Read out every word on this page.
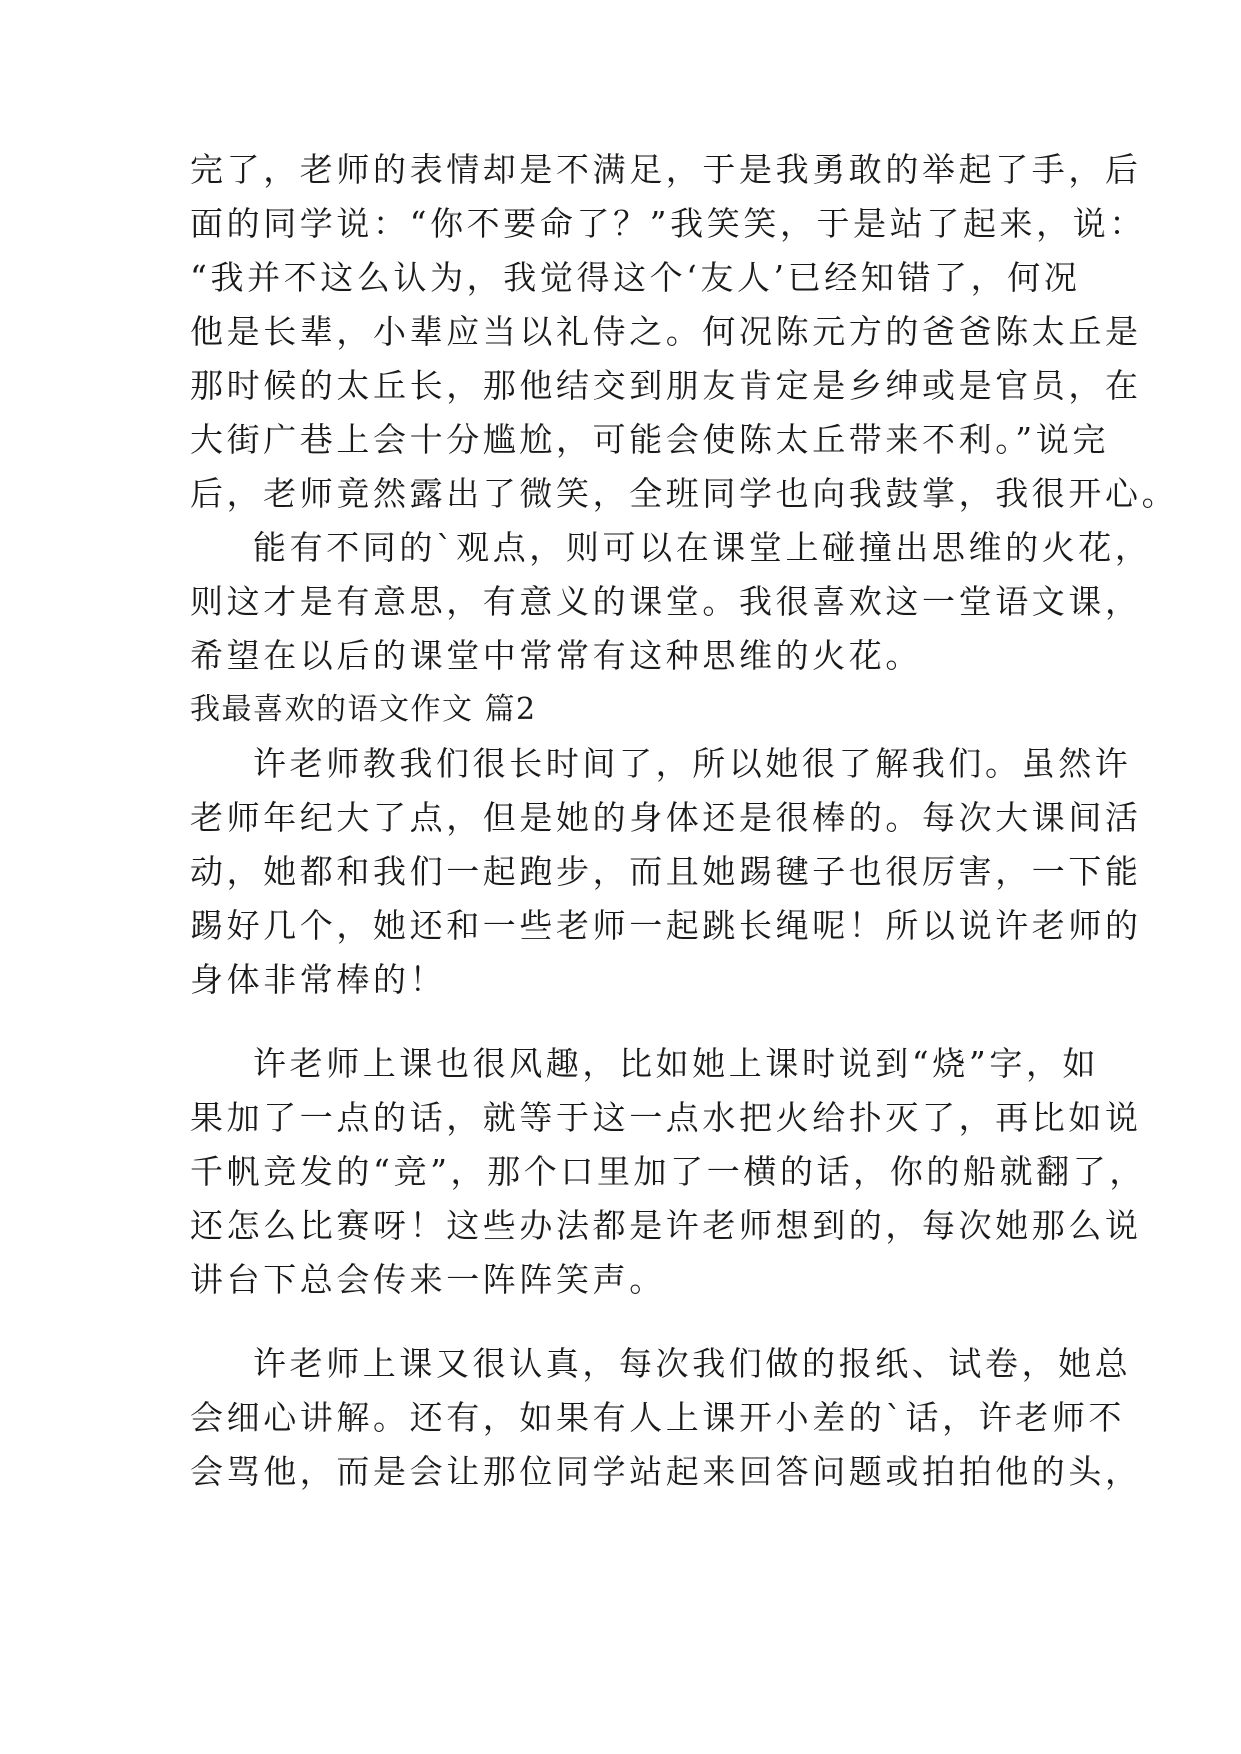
完了，老师的表情却是不满足，于是我勇敢的举起了手，后
面的同学说：“你不要命了？”我笑笑，于是站了起来，说：
“我并不这么认为，我觉得这个‘友人’已经知错了，何况
他是长辈，小辈应当以礼侍之。何况陈元方的爸爸陈太丘是
那时候的太丘长，那他结交到朋友肯定是乡绅或是官员，在
大街广巷上会十分尴尬，可能会使陈太丘带来不利。”说完
后，老师竟然露出了微笑，全班同学也向我鼓掌，我很开心。
能有不同的`观点，则可以在课堂上碰撞出思维的火花，
则这才是有意思，有意义的课堂。我很喜欢这一堂语文课，
希望在以后的课堂中常常有这种思维的火花。
我最喜欢的语文作文 篇2
许老师教我们很长时间了，所以她很了解我们。虽然许
老师年纪大了点，但是她的身体还是很棒的。每次大课间活
动，她都和我们一起跑步，而且她踢毽子也很厉害，一下能
踢好几个，她还和一些老师一起跳长绳呢！所以说许老师的
身体非常棒的！
许老师上课也很风趣，比如她上课时说到“烧”字，如
果加了一点的话，就等于这一点水把火给扑灭了，再比如说
千帆竞发的“竞”，那个口里加了一横的话，你的船就翻了，
还怎么比赛呀！这些办法都是许老师想到的，每次她那么说
讲台下总会传来一阵阵笑声。
许老师上课又很认真，每次我们做的报纸、试卷，她总
会细心讲解。还有，如果有人上课开小差的`话，许老师不
会骂他，而是会让那位同学站起来回答问题或拍拍他的头，
